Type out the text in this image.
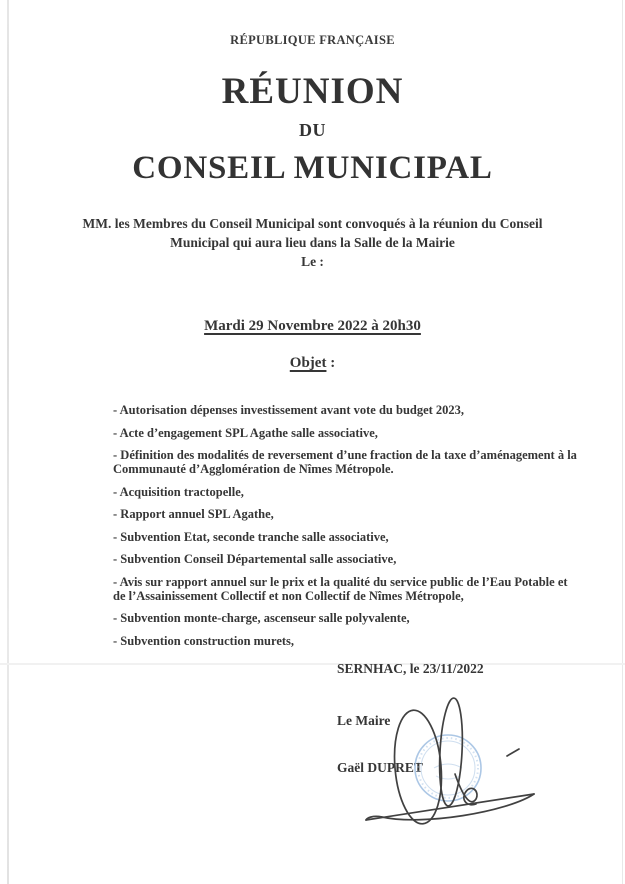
RÉPUBLIQUE FRANÇAISE
RÉUNION
DU
CONSEIL MUNICIPAL
MM. les Membres du Conseil Municipal sont convoqués à la réunion du Conseil Municipal qui aura lieu dans la Salle de la Mairie
Le :
Mardi 29 Novembre 2022 à 20h30
Objet :

- Autorisation dépenses investissement avant vote du budget 2023,

- Acte d’engagement SPL Agathe salle associative,

- Définition des modalités de reversement d’une fraction de la taxe d’aménagement à la Communauté d’Agglomération de Nîmes Métropole.

- Acquisition tractopelle,

- Rapport annuel SPL Agathe,

- Subvention Etat, seconde tranche salle associative,

- Subvention Conseil Départemental salle associative,

- Avis sur rapport annuel sur le prix et la qualité du service public de l’Eau Potable et de l’Assainissement Collectif et non Collectif de Nîmes Métropole,

- Subvention monte-charge, ascenseur salle polyvalente,

- Subvention construction murets,

SERNHAC, le 23/11/2022
Le Maire
Gaël DUPRET
